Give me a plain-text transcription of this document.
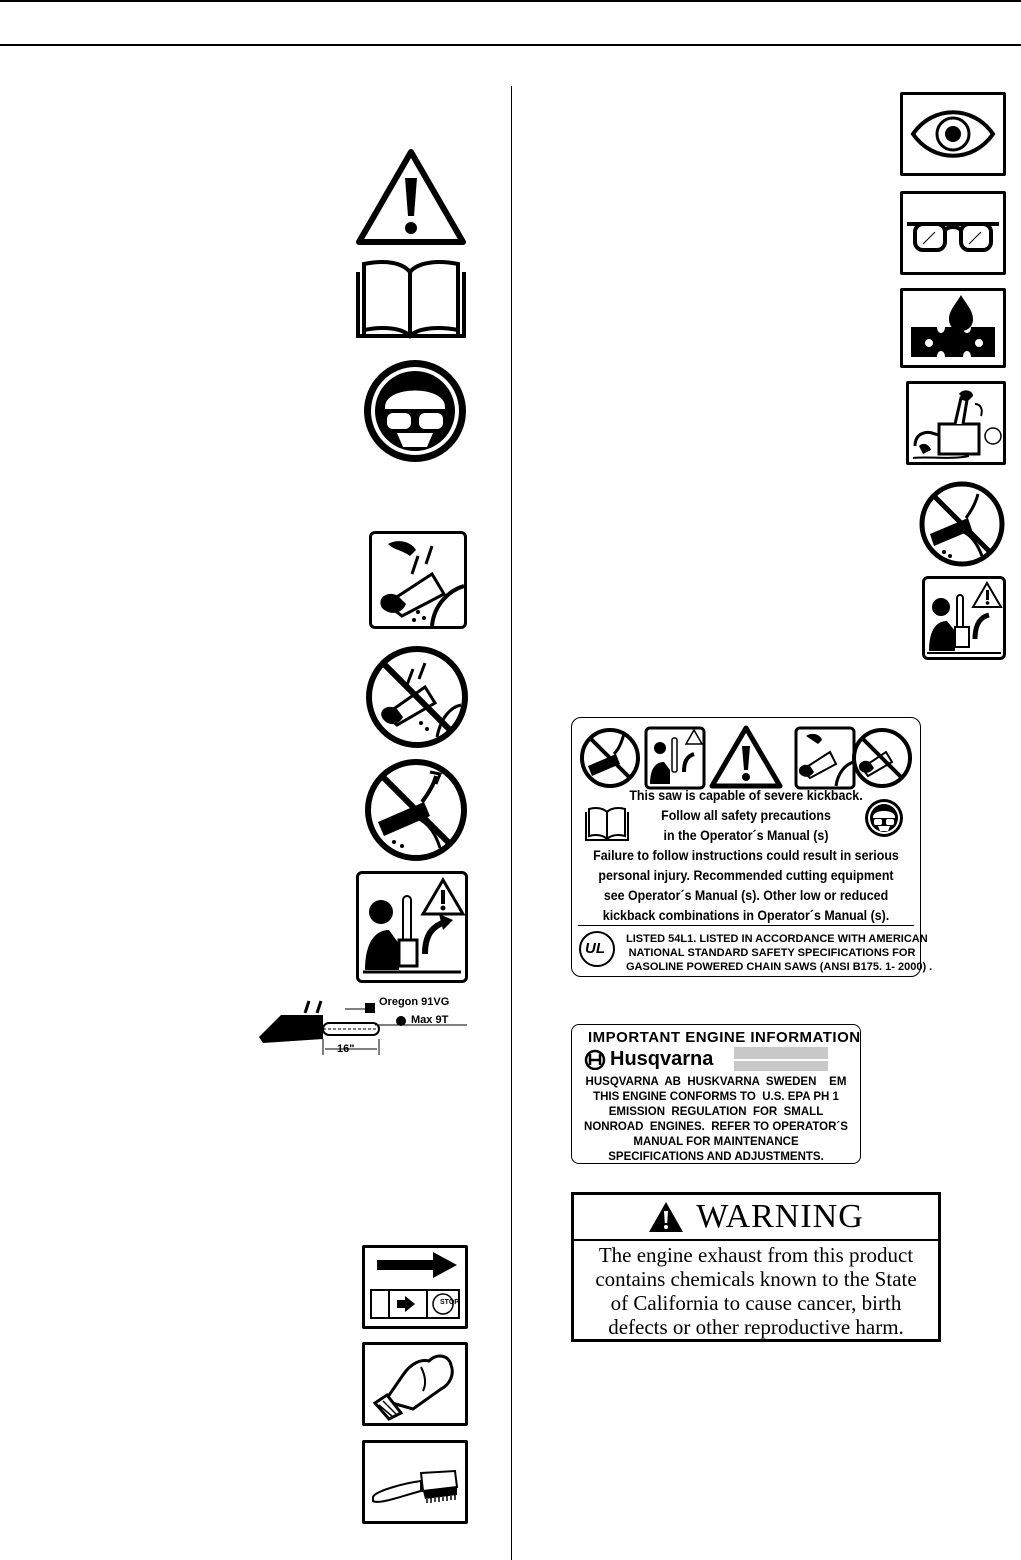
Oregon 91VG
Max 9T
16"
STOP
This saw is capable of severe kickback.
Follow all safety precautions
in the Operator´s Manual (s)
Failure to follow instructions could result in serious
personal injury. Recommended cutting equipment
see Operator´s Manual (s). Other low or reduced
kickback combinations in Operator´s Manual (s).
UL
LISTED 54L1. LISTED IN ACCORDANCE WITH AMERICAN
NATIONAL STANDARD SAFETY SPECIFICATIONS FOR
GASOLINE POWERED CHAIN SAWS (ANSI B175. 1- 2000) .
IMPORTANT ENGINE INFORMATION
Husqvarna
HUSQVARNA  AB  HUSKVARNA  SWEDEN    EM
THIS ENGINE CONFORMS TO  U.S. EPA PH 1
EMISSION  REGULATION  FOR  SMALL
NONROAD  ENGINES.  REFER TO OPERATOR´S
MANUAL FOR MAINTENANCE
SPECIFICATIONS AND ADJUSTMENTS.
WARNING
The engine exhaust from this product
contains chemicals known to the State
of California to cause cancer, birth
defects or other reproductive harm.
